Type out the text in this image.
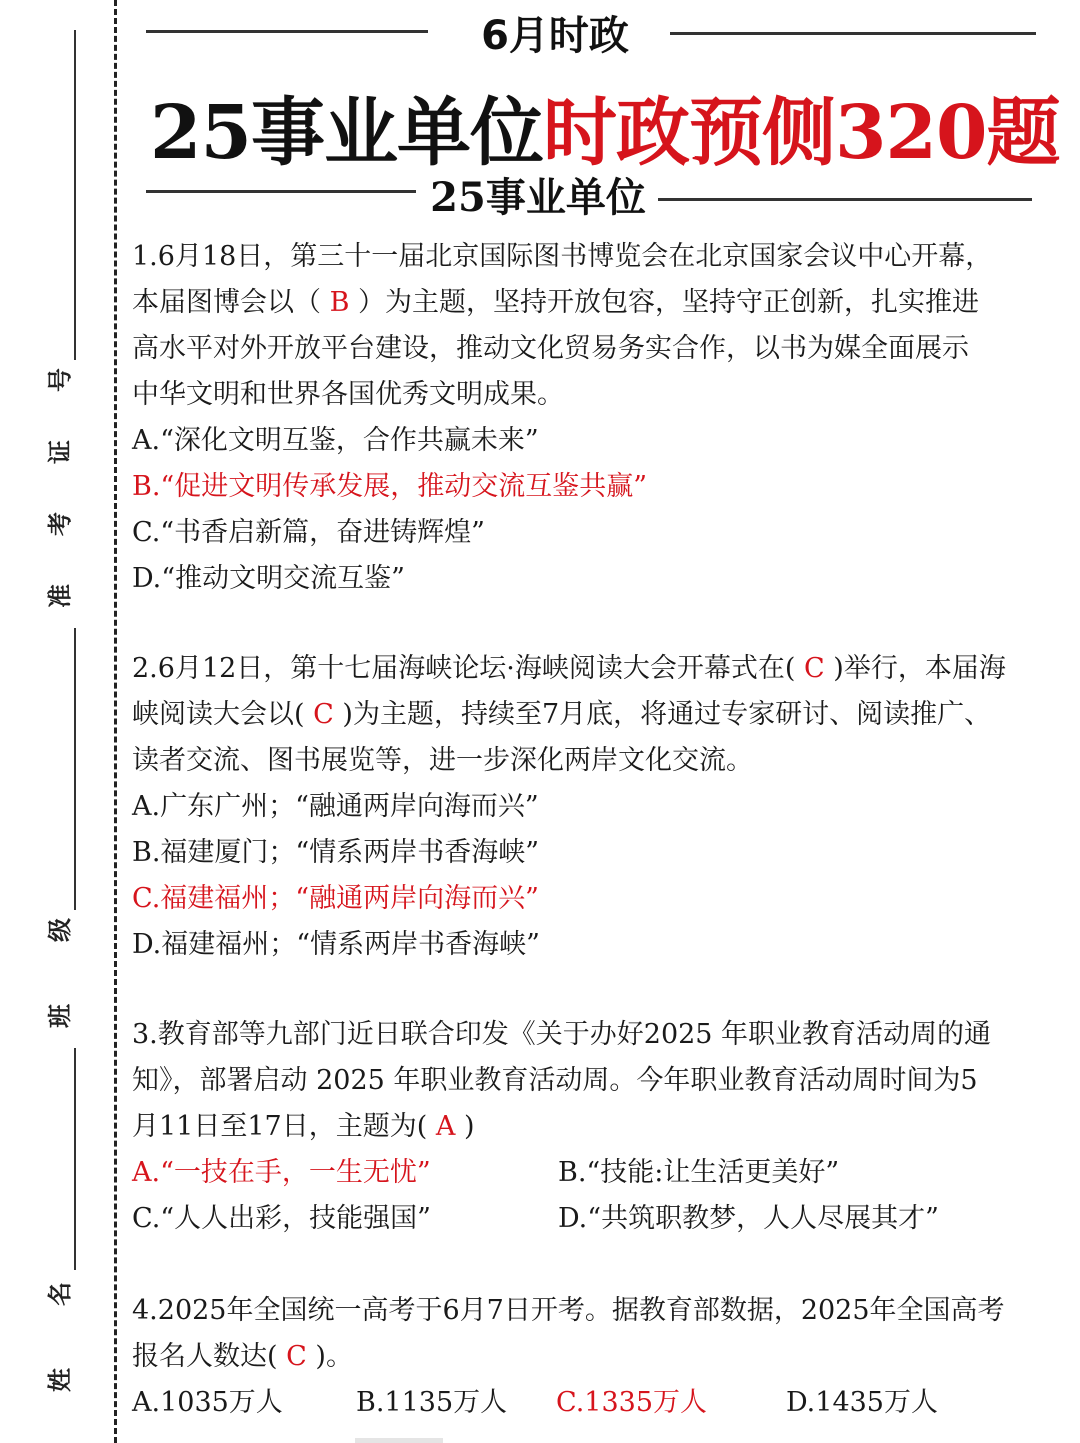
号
证
考
准
级
班
名
姓
6月时政
25事业单位时政预侧320题
25事业单位

1.6月18日，第三十一届北京国际图书博览会在北京国家会议中心开幕，

本届图博会以（ B ）为主题，坚持开放包容，坚持守正创新，扎实推进

高水平对外开放平台建设，推动文化贸易务实合作，以书为媒全面展示

中华文明和世界各国优秀文明成果。

A.“深化文明互鉴，合作共赢未来”

B.“促进文明传承发展，推动交流互鉴共赢”

C.“书香启新篇，奋进铸辉煌”

D.“推动文明交流互鉴”

2.6月12日，第十七届海峡论坛·海峡阅读大会开幕式在( C )举行，本届海

峡阅读大会以( C )为主题，持续至7月底，将通过专家研讨、阅读推广、

读者交流、图书展览等，进一步深化两岸文化交流。

A.广东广州；“融通两岸向海而兴”

B.福建厦门；“情系两岸书香海峡”

C.福建福州；“融通两岸向海而兴”

D.福建福州；“情系两岸书香海峡”

3.教育部等九部门近日联合印发《关于办好2025 年职业教育活动周的通

知》，部署启动 2025 年职业教育活动周。今年职业教育活动周时间为5

月11日至17日，主题为( A )

A.“一技在手，一生无忧”	B.“技能:让生活更美好”
C.“人人出彩，技能强国”	D.“共筑职教梦，人人尽展其才”

4.2025年全国统一高考于6月7日开考。据教育部数据，2025年全国高考

报名人数达( C )。

A.1035万人	B.1135万人 C.1335万人	D.1435万人
